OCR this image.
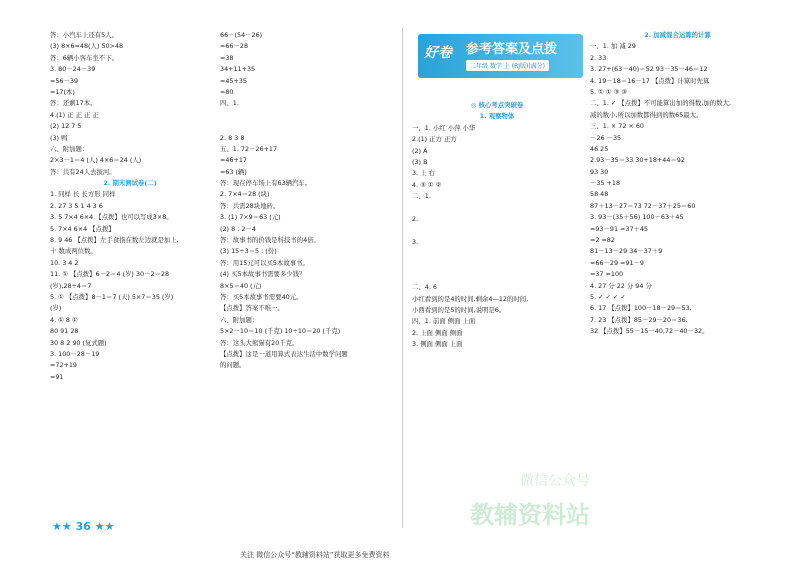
答：小汽车上还有5人。
(3) 8×6=48(人) 50>48
答：6辆小客车坐不下。
3. 80－24－39
=56－39
=17(本)
答：还剩17本。
4.(1) 正 正 正 正
(2) 12 7 5
(3) 鸭
六、附加题：
2×3－1＝4 (人) 4×6＝24 (人)
答：共有24人去拔河。
2. 期末测试卷(二)
1. 同样 长 长方形 同样
2. 27 3 5 1 4 3 6
3. 5 7×4 6×4 【点拨】也可以写成3×8。
5. 7×4 6×4 【点拨】
8. 9 46 【点拨】左手食指在数左边就是加上,
十 数成两位数。
10. 3 4 2
11. ① 【点拨】6－2＝4 (岁) 30－2＝28
(岁),28÷4＝7
5. ① 【点拨】8－1＝7 (天) 5×7＝35 (岁)
(岁)
4. ① 8 ①
80 91 28
30 8 2 90 (复式题)
3. 100－28－19
=72+19
=91
66－(54－26)
=66－28
=38
34+11+35
=45+35
=80
四、1.
2. 8 3 8
五、1. 72－26+17
=46+17
=63 (辆)
答：现在停车场上有63辆汽车。
2. 7×4＝28 (块)
答：共需28块地砖。
3. (1) 7×9＝63 (元)
(2) 8 : 2－4
答：故事书的价钱是科技书的4倍。
(3) 15÷3＝5 : (份)
答：用15元可以买5本故事书。
(4) 买5本故事书需要多少钱？
8×5＝40 (元)
答：买5本故事书需要40元。
【点拨】答案不唯一。
六、附加题：
5×2－10＝10 (千克) 10÷10＝20 (千克)
答：这头大熊猫有20千克。
【点拨】这是一道用算式表达生活中数学问题
的问题。
◎ 核心考点突破卷
1. 观察物体
一、1. 小红 小萍 小华
2.(1) 正方 正方
(2) A
(3) B
3. 上 右
4. ③ ① ②
二、1.
2.
3.
二、4. 6
小红看到的是4的时间,剩余4—12的时间,
小西看到的是5的时间,说明是6。
四、1. 前面 侧面 上面
2. 上面 侧面 侧面
3. 侧面 侧面 上面
2. 加减混合运算的计算
一、1. 加 减 29
2. 33
3. 27+(63－40)＝52 93－35－46＝12
4. 19－18＝16－17 【点拨】计算时先算
5. ① ① ③ ③
二、1. ✓ 【点拨】不可能算出加的得数,加的数大,
减的数小,所以加数都得到的数65最大。
三、1. × 72 × 60
－26 －35
46 25
2.93－35＝33 30+18+44＝92
93 30
－35 +18
58 48
87＋13－27＝73 72－37＋25＝60
3. 93－(35＋56) 100－63＋45
=93－91 =37＋45
=2 =82
81－13－29 34－37＋9
=66－29 =91－9
=37 =100
4. 27 分 22 分 94 分
5. ✓ ✓ ✓ ✓
6. 17 【点拨】100－18－29＝53,
7. 23 【点拨】85－29－20＝36,
32 【点拨】55－15－40,72－40－32。
好卷	参考答案及点拨
二年级 数学 上 (RJ版)(满分)
★★ 36 ★★
微信公众号
教辅资料站
关注 微信公众号“教辅资料站”获取更多免费资料
